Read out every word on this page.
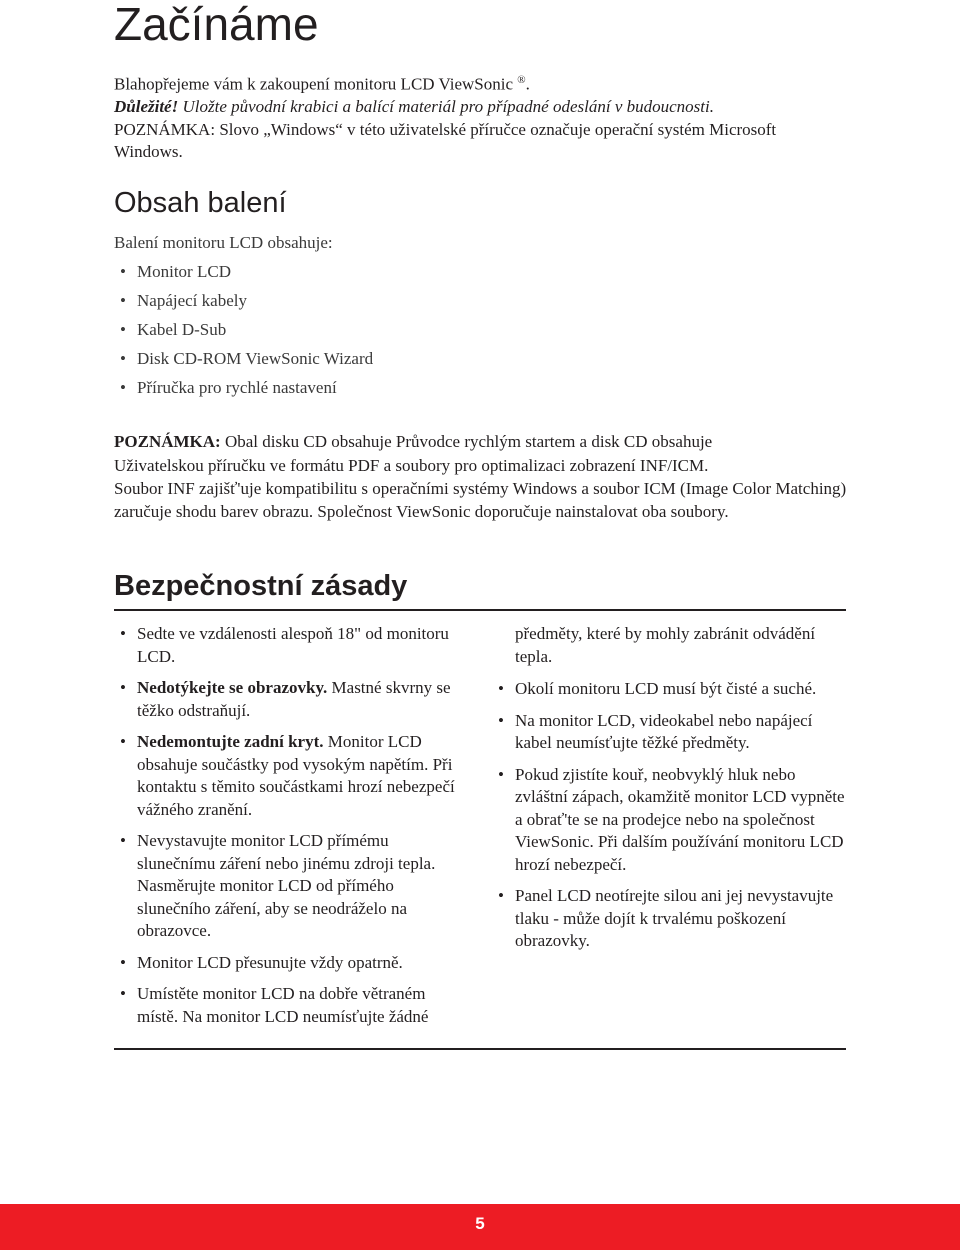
Začínáme
Blahopřejeme vám k zakoupení monitoru LCD ViewSonic ®.
Důležité! Uložte původní krabici a balící materiál pro případné odeslání v budoucnosti.
POZNÁMKA: Slovo „Windows“ v této uživatelské příručce označuje operační systém Microsoft Windows.
Obsah balení
Balení monitoru LCD obsahuje:
• Monitor LCD
• Napájecí kabely
• Kabel D-Sub
• Disk CD-ROM ViewSonic Wizard
• Příručka pro rychlé nastavení
POZNÁMKA: Obal disku CD obsahuje Průvodce rychlým startem a disk CD obsahuje
Uživatelskou příručku ve formátu PDF a soubory pro optimalizaci zobrazení INF/ICM.
Soubor INF zajišť'uje kompatibilitu s operačními systémy Windows a soubor ICM (Image Color Matching) zaručuje shodu barev obrazu. Společnost ViewSonic doporučuje nainstalovat oba soubory.
Bezpečnostní zásady
• Sedte ve vzdálenosti alespoň 18" od monitoru LCD.
• Nedotýkejte se obrazovky. Mastné skvrny se těžko odstraňují.
• Nedemontujte zadní kryt. Monitor LCD obsahuje součástky pod vysokým napětím. Při kontaktu s těmito součástkami hrozí nebezpečí vážného zranění.
• Nevystavujte monitor LCD přímému slunečnímu záření nebo jinému zdroji tepla. Nasměrujte monitor LCD od přímého slunečního záření, aby se neodráželo na obrazovce.
• Monitor LCD přesunujte vždy opatrně.
• Umístěte monitor LCD na dobře větraném místě. Na monitor LCD neumísťujte žádné
předměty, které by mohly zabránit odvádění tepla.
• Okolí monitoru LCD musí být čisté a suché.
• Na monitor LCD, videokabel nebo napájecí kabel neumísťujte těžké předměty.
• Pokud zjistíte kouř, neobvyklý hluk nebo zvláštní zápach, okamžitě monitor LCD vypněte a obrať'te se na prodejce nebo na společnost ViewSonic. Při dalším používání monitoru LCD hrozí nebezpečí.
• Panel LCD neotírejte silou ani jej nevystavujte tlaku - může dojít k trvalému poškození obrazovky.
5
